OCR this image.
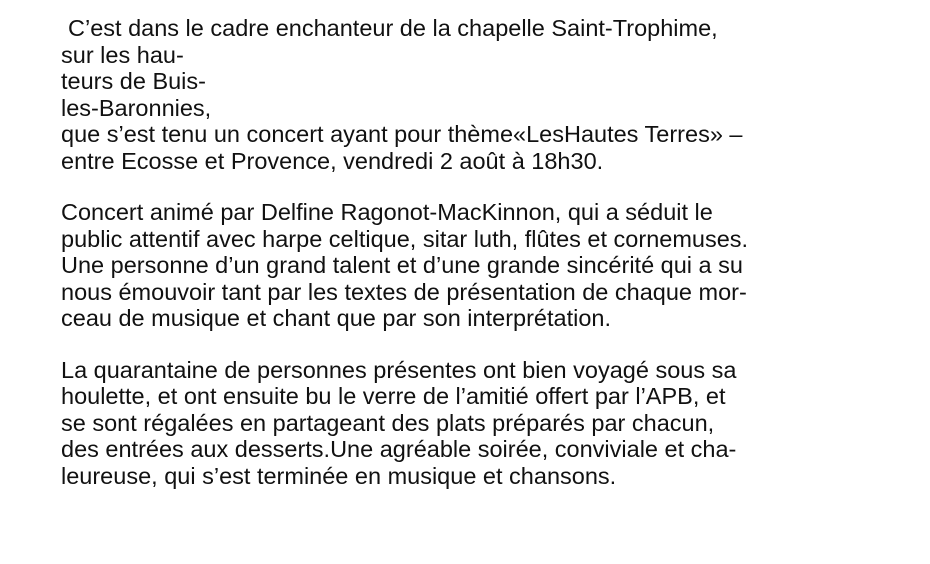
C’est dans le cadre enchanteur de la chapelle Saint-Trophime,
sur les hau-
teurs de Buis-
les-Baronnies,
que s’est tenu un concert ayant pour thème«LesHautes Terres» –
entre Ecosse et Provence, vendredi 2 août à 18h30.

Concert animé par Delfine Ragonot-MacKinnon, qui a séduit le
public attentif avec harpe celtique, sitar luth, flûtes et cornemuses.
Une personne d’un grand talent et d’une grande sincérité qui a su
nous émouvoir tant par les textes de présentation de chaque mor-
ceau de musique et chant que par son interprétation.

La quarantaine de personnes présentes ont bien voyagé sous sa
houlette, et ont ensuite bu le verre de l’amitié offert par l’APB, et
se sont régalées en partageant des plats préparés par chacun,
des entrées aux desserts.Une agréable soirée, conviviale et cha-
leureuse, qui s’est terminée en musique et chansons.
